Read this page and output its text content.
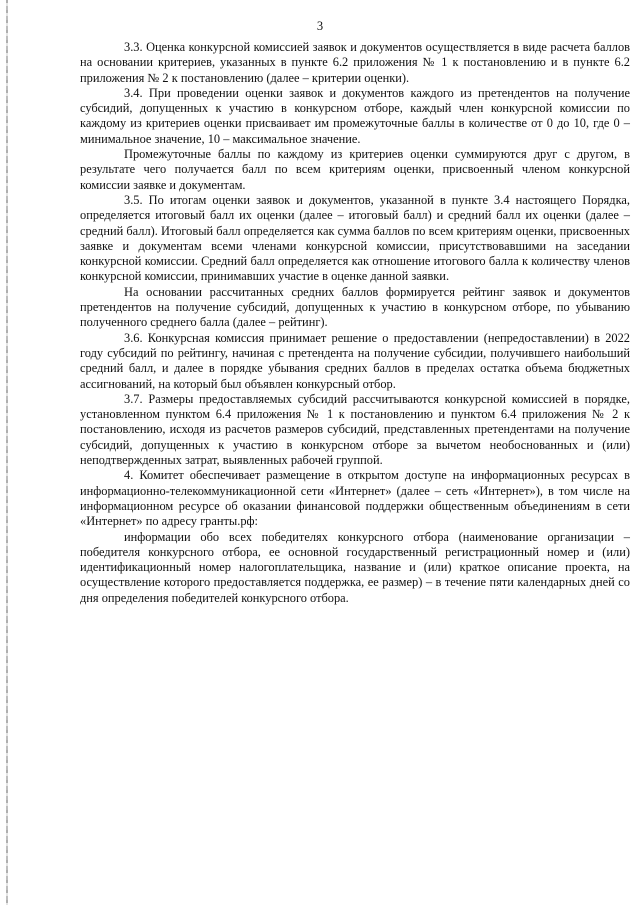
3

3.3. Оценка конкурсной комиссией заявок и документов осуществляется в виде расчета баллов на основании критериев, указанных в пункте 6.2 приложения № 1 к постановлению и в пункте 6.2 приложения № 2 к постановлению (далее – критерии оценки).

3.4. При проведении оценки заявок и документов каждого из претендентов на получение субсидий, допущенных к участию в конкурсном отборе, каждый член конкурсной комиссии по каждому из критериев оценки присваивает им промежуточные баллы в количестве от 0 до 10, где 0 – минимальное значение, 10 – максимальное значение.

Промежуточные баллы по каждому из критериев оценки суммируются друг с другом, в результате чего получается балл по всем критериям оценки, присвоенный членом конкурсной комиссии заявке и документам.

3.5. По итогам оценки заявок и документов, указанной в пункте 3.4 настоящего Порядка, определяется итоговый балл их оценки (далее – итоговый балл) и средний балл их оценки (далее – средний балл). Итоговый балл определяется как сумма баллов по всем критериям оценки, присвоенных заявке и документам всеми членами конкурсной комиссии, присутствовавшими на заседании конкурсной комиссии. Средний балл определяется как отношение итогового балла к количеству членов конкурсной комиссии, принимавших участие в оценке данной заявки.

На основании рассчитанных средних баллов формируется рейтинг заявок и документов претендентов на получение субсидий, допущенных к участию в конкурсном отборе, по убыванию полученного среднего балла (далее – рейтинг).

3.6. Конкурсная комиссия принимает решение о предоставлении (непредоставлении) в 2022 году субсидий по рейтингу, начиная с претендента на получение субсидии, получившего наибольший средний балл, и далее в порядке убывания средних баллов в пределах остатка объема бюджетных ассигнований, на который был объявлен конкурсный отбор.

3.7. Размеры предоставляемых субсидий рассчитываются конкурсной комиссией в порядке, установленном пунктом 6.4 приложения № 1 к постановлению и пунктом 6.4 приложения № 2 к постановлению, исходя из расчетов размеров субсидий, представленных претендентами на получение субсидий, допущенных к участию в конкурсном отборе за вычетом необоснованных и (или) неподтвержденных затрат, выявленных рабочей группой.

4. Комитет обеспечивает размещение в открытом доступе на информационных ресурсах в информационно-телекоммуникационной сети «Интернет» (далее – сеть «Интернет»), в том числе на информационном ресурсе об оказании финансовой поддержки общественным объединениям в сети «Интернет» по адресу гранты.рф:

информации обо всех победителях конкурсного отбора (наименование организации – победителя конкурсного отбора, ее основной государственный регистрационный номер и (или) идентификационный номер налогоплательщика, название и (или) краткое описание проекта, на осуществление которого предоставляется поддержка, ее размер) – в течение пяти календарных дней со дня определения победителей конкурсного отбора.
